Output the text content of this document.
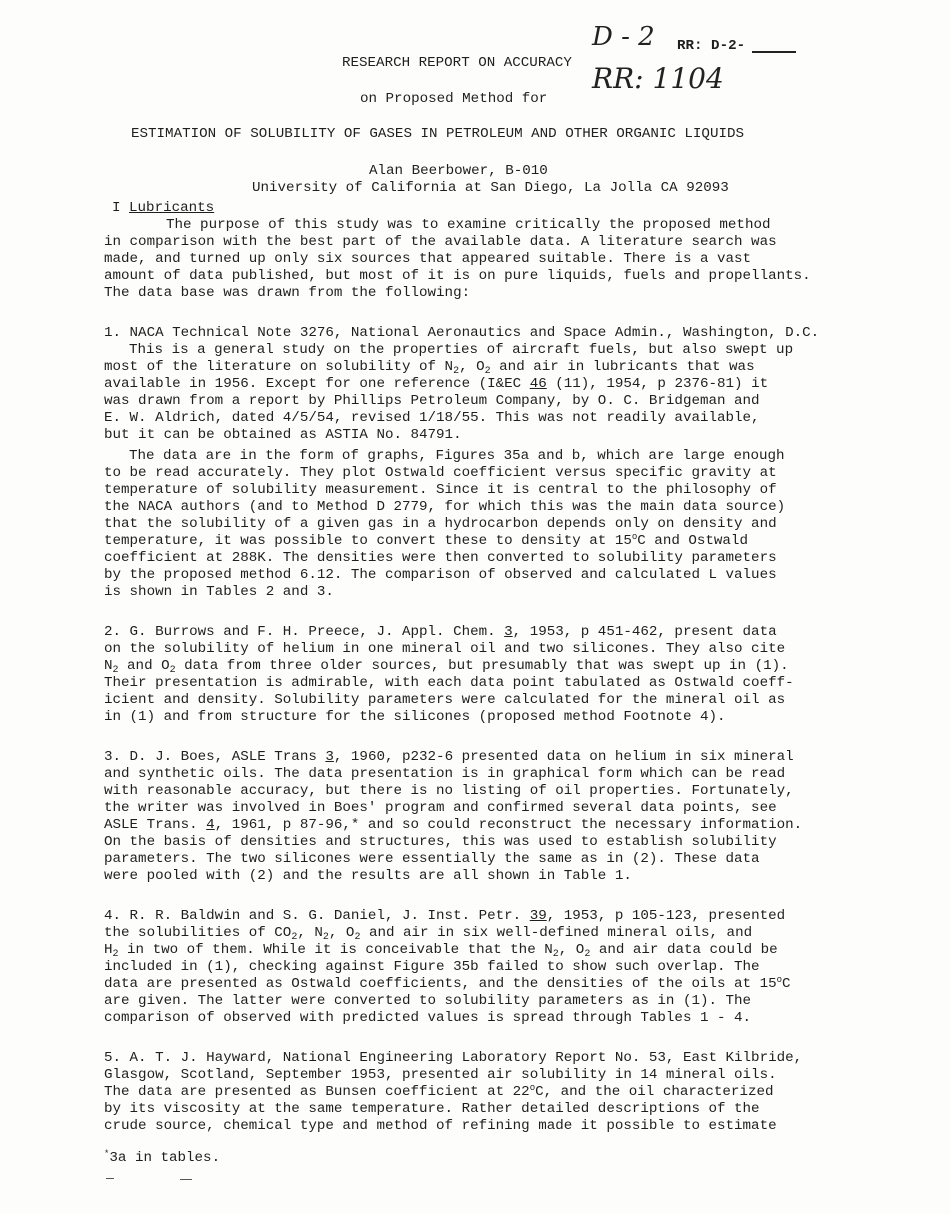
D - 2
RR: 1104
RR: D-2-
RESEARCH REPORT ON ACCURACY
on Proposed Method for
ESTIMATION OF SOLUBILITY OF GASES IN PETROLEUM AND OTHER ORGANIC LIQUIDS
Alan Beerbower, B-010
University of California at San Diego, La Jolla CA 92093
I Lubricants
The purpose of this study was to examine critically the proposed method
in comparison with the best part of the available data. A literature search was
made, and turned up only six sources that appeared suitable. There is a vast
amount of data published, but most of it is on pure liquids, fuels and propellants.
The data base was drawn from the following:
1. NACA Technical Note 3276, National Aeronautics and Space Admin., Washington, D.C.
This is a general study on the properties of aircraft fuels, but also swept up
most of the literature on solubility of $N_2$, $O_2$ and air in lubricants that was
available in 1956. Except for one reference (I&EC 46 (11), 1954, p 2376-81) it
was drawn from a report by Phillips Petroleum Company, by O. C. Bridgeman and
E. W. Aldrich, dated 4/5/54, revised 1/18/55. This was not readily available,
but it can be obtained as ASTIA No. 84791.
The data are in the form of graphs, Figures 35a and b, which are large enough
to be read accurately. They plot Ostwald coefficient versus specific gravity at
temperature of solubility measurement. Since it is central to the philosophy of
the NACA authors (and to Method D 2779, for which this was the main data source)
that the solubility of a given gas in a hydrocarbon depends only on density and
temperature, it was possible to convert these to density at 15$^o$C and Ostwald
coefficient at 288K. The densities were then converted to solubility parameters
by the proposed method 6.12. The comparison of observed and calculated L values
is shown in Tables 2 and 3.
2. G. Burrows and F. H. Preece, J. Appl. Chem. 3, 1953, p 451-462, present data
on the solubility of helium in one mineral oil and two silicones. They also cite
$N_2$ and $O_2$ data from three older sources, but presumably that was swept up in (1).
Their presentation is admirable, with each data point tabulated as Ostwald coeff-
icient and density. Solubility parameters were calculated for the mineral oil as
in (1) and from structure for the silicones (proposed method Footnote 4).
3. D. J. Boes, ASLE Trans 3, 1960, p232-6 presented data on helium in six mineral
and synthetic oils. The data presentation is in graphical form which can be read
with reasonable accuracy, but there is no listing of oil properties. Fortunately,
the writer was involved in Boes' program and confirmed several data points, see
ASLE Trans. 4, 1961, p 87-96,* and so could reconstruct the necessary information.
On the basis of densities and structures, this was used to establish solubility
parameters. The two silicones were essentially the same as in (2). These data
were pooled with (2) and the results are all shown in Table 1.
4. R. R. Baldwin and S. G. Daniel, J. Inst. Petr. 39, 1953, p 105-123, presented
the solubilities of $CO_2$, $N_2$, $O_2$ and air in six well-defined mineral oils, and
$H_2$ in two of them. While it is conceivable that the $N_2$, $O_2$ and air data could be
included in (1), checking against Figure 35b failed to show such overlap. The
data are presented as Ostwald coefficients, and the densities of the oils at 15$^o$C
are given. The latter were converted to solubility parameters as in (1). The
comparison of observed with predicted values is spread through Tables 1 - 4.
5. A. T. J. Hayward, National Engineering Laboratory Report No. 53, East Kilbride,
Glasgow, Scotland, September 1953, presented air solubility in 14 mineral oils.
The data are presented as Bunsen coefficient at 22$^o$C, and the oil characterized
by its viscosity at the same temperature. Rather detailed descriptions of the
crude source, chemical type and method of refining made it possible to estimate
*3a in tables.
